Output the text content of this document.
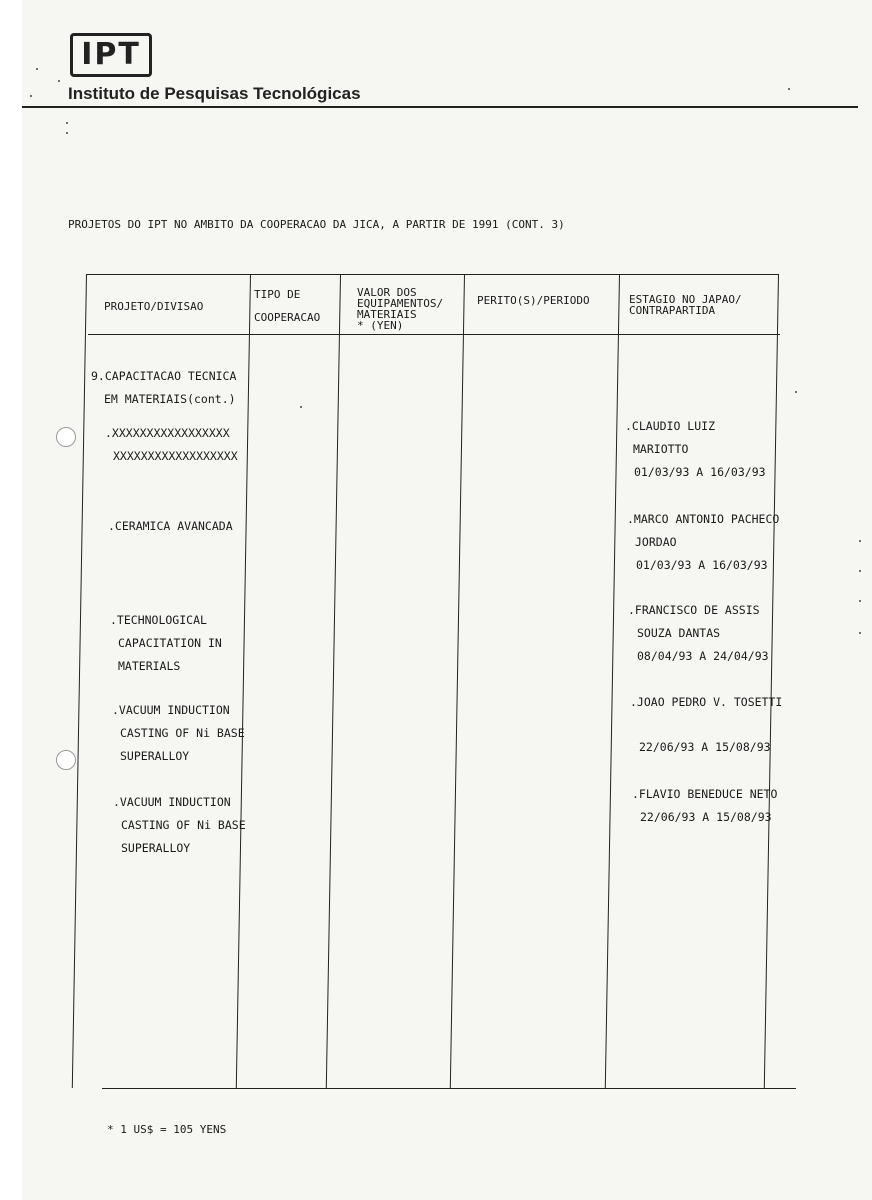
IPT
Instituto de Pesquisas Tecnológicas
PROJETOS DO IPT NO AMBITO DA COOPERACAO DA JICA, A PARTIR DE 1991 (CONT. 3)
PROJETO/DIVISAO
TIPO DE
COOPERACAO
VALOR DOS
EQUIPAMENTOS/
MATERIAIS
* (YEN)
PERITO(S)/PERIODO	ESTAGIO NO JAPAO/
CONTRAPARTIDA
9.CAPACITACAO TECNICA
EM MATERIAIS(cont.)
.XXXXXXXXXXXXXXXXX
XXXXXXXXXXXXXXXXXX
.CLAUDIO LUIZ
MARIOTTO
01/03/93 A 16/03/93
.CERAMICA AVANCADA	.MARCO ANTONIO PACHECO
JORDAO
01/03/93 A 16/03/93
.TECHNOLOGICAL
CAPACITATION IN
MATERIALS
.FRANCISCO DE ASSIS
SOUZA DANTAS
08/04/93 A 24/04/93
.VACUUM INDUCTION
CASTING OF Ni BASE
SUPERALLOY
.JOAO PEDRO V. TOSETTI
22/06/93 A 15/08/93
.VACUUM INDUCTION
CASTING OF Ni BASE
SUPERALLOY
.FLAVIO BENEDUCE NETO
22/06/93 A 15/08/93
* 1 US$ = 105 YENS
